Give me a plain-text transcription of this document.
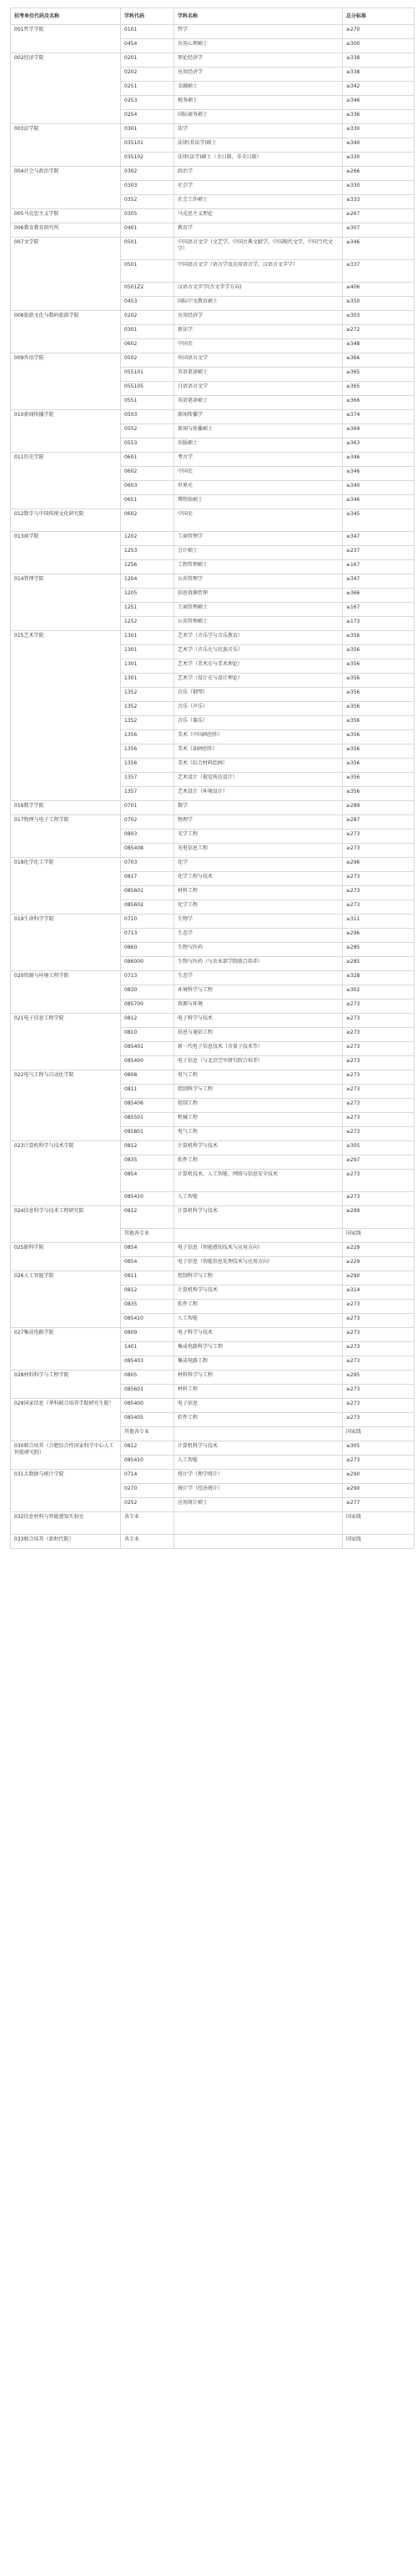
招考单位代码及名称	学科代码	学科名称	总分标准
001哲学学院	0101	哲学	≥270
	0454	应用心理硕士	≥300
002经济学院	0201	理论经济学	≥338
	0202	应用经济学	≥338
	0251	金融硕士	≥342
	0253	税务硕士	≥346
	0254	国际商务硕士	≥336
003法学院	0301	法学	≥330
	035101	法律(非法学)硕士	≥340
	035102	法律(法学)硕士（全日制，非全日制）	≥330
004社会与政治学院	0302	政治学	≥266
	0303	社会学	≥330
	0352	社会工作硕士	≥333
005马克思主义学院	0305	马克思主义理论	≥267
006教育教育研究所	0401	教育学	≥307
007文学院	0501	中国语言文学（文艺学，中国古典文献学，中国现代文学，中国当代文学）	≥346
	0501	中国语言文学（语言学及应用语言学，汉语言文字学）	≥337
	0501Z2	汉语言文字学(古文字学方向)	≥406
	0453	国际中文教育硕士	≥350
008旅游文化与数码旅游学院	0202	应用经济学	≥303
	0301	新法学	≥272
	0602	中国史	≥348
009外语学院	0502	外国语言文学	≥366
	055101	英语笔译硕士	≥365
	055105	日语语言文学	≥365
	0551	英语笔译硕士	≥366
010新闻传播学院	0503	新闻传播学	≥374
	0552	新闻与传播硕士	≥369
	0553	出版硕士	≥363
011历史学院	0601	考古学	≥346
	0602	中国史	≥346
	0603	世界史	≥340
	0651	博物馆硕士	≥346
012数字与中国传统文化研究院	0602	中国史	≥345
013商学院	1202	工商管理学	≥347
	1253	会计硕士	≥237
	1256	工程管理硕士	≥167
014管理学院	1204	公共管理学	≥347
	1205	信息资源管理	≥366
	1251	工商管理硕士	≥167
	1252	公共管理硕士	≥173
015艺术学院	1301	艺术学（音乐学与音乐教育）	≥356
	1301	艺术学（音乐史与民族音乐）	≥356
	1301	艺术学（美术史与美术理论）	≥356
	1301	艺术学（设计史与设计理论）	≥356
	1352	音乐（钢琴）	≥356
	1352	音乐（声乐）	≥356
	1352	音乐（器乐）	≥356
	1356	美术（中国画创作）	≥356
	1356	美术（油画创作）	≥356
	1356	美术（综合材料绘画）	≥356
	1357	艺术设计（视觉传达设计）	≥356
	1357	艺术设计（环境设计）	≥356
016数学学院	0701	数学	≥289
017物理与电子工程学院	0702	物理学	≥287
	0803	光学工程	≥273
	085408	光电信息工程	≥273
018化学化工学院	0703	化学	≥296
	0817	化学工程与技术	≥273
	085601	材料工程	≥273
	085602	化学工程	≥273
019生命科学学院	0710	生物学	≥311
	0713	生态学	≥296
	0860	生物与医药	≥285
	086000	生物与医药（与农业部学院联合培养）	≥285
020资源与环境工程学院	0713	生态学	≥328
	0830	环境科学与工程	≥302
	085700	资源与环境	≥273
021电子信息工程学院	0812	电子科学与技术	≥273
	0810	信息与通信工程	≥273
	085401	新一代电子信息技术（含量子技术等）	≥273
	085400	电子信息（与北京空军研究院合培养）	≥273
022电气工程与自动化学院	0808	电气工程	≥273
	0811	控制科学与工程	≥273
	085406	控制工程	≥273
	085501	机械工程	≥273
	085801	电气工程	≥273
023计算机科学与技术学院	0812	计算机科学与技术	≥305
	0835	软件工程	≥297
	0854	计算机技术，人工智能，网络与信息安全技术	≥273
	085410	人工智能	≥273
024信息科学与技术工程研究院	0812	计算机科学与技术	≥299
	其他各专业		国家线
025影科学院	0854	电子信息（智能感知技术与应用方向）	≥229
	0854	电子信息（智能信息处理技术与应用方向）	≥229
026人工智能学院	0811	控制科学与工程	≥290
	0812	计算机科学与技术	≥314
	0835	软件工程	≥273
	085410	人工智能	≥273
027集成电路学院	0809	电子科学与技术	≥273
	1401	集成电路科学与工程	≥273
	085403	集成电路工程	≥273
028材料科学与工程学院	0805	材料科学与工程	≥295
	085601	材料工程	≥273
029国家信息（华科联合培养学院研究生院）	085400	电子信息	≥273
	085405	软件工程	≥273
	其他各专业		国家线
030联合培养（合肥综合性国家科学中心人工智能研究院）	0812	计算机科学与技术	≥305
	085410	人工智能	≥273
031大数据与统计学院	0714	统计学（理学统计）	≥290
	0270	统计学（经济统计）	≥290
	0252	应用统计硕士	≥277
032信息材料与智能感知实验室	各专业		国家线
033联合培养（新时代院）	各专业		国家线
